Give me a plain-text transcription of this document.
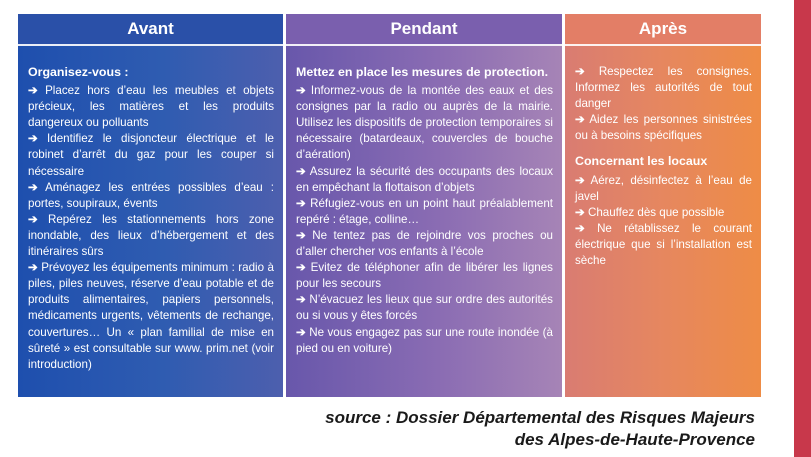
Avant
Organisez-vous :

➔ Placez hors d’eau les meubles et objets précieux, les matières et les produits dangereux ou polluants

➔ Identifiez le disjoncteur électrique et le robinet d’arrêt du gaz pour les couper si nécessaire

➔ Aménagez les entrées possibles d’eau : portes, soupiraux, évents

➔ Repérez les stationnements hors zone inondable, des lieux d’hébergement et des itinéraires sûrs

➔ Prévoyez les équipements minimum : radio à piles, piles neuves, réserve d’eau potable et de produits alimentaires, papiers personnels, médicaments urgents, vêtements de rechange, couvertures… Un « plan familial de mise en sûreté » est consultable sur www. prim.net (voir introduction)

Pendant
Mettez en place les mesures de protection.

➔ Informez-vous de la montée des eaux et des consignes par la radio ou auprès de la mairie. Utilisez les dispositifs de protection temporaires si nécessaire (batardeaux, couvercles de bouche d’aération)

➔ Assurez la sécurité des occupants des locaux en empêchant la flottaison d’objets

➔ Réfugiez-vous en un point haut préalablement repéré : étage, colline…

➔ Ne tentez pas de rejoindre vos proches ou d’aller chercher vos enfants à l’école

➔ Evitez de téléphoner afin de libérer les lignes pour les secours

➔ N’évacuez les lieux que sur ordre des autorités ou si vous y êtes forcés

➔ Ne vous engagez pas sur une route inondée (à pied ou en voiture)

Après

➔ Respectez les consignes. Informez les autorités de tout danger

➔ Aidez les personnes sinistrées ou à besoins spécifiques

Concernant les locaux

➔ Aérez, désinfectez à l’eau de javel

➔ Chauffez dès que possible

➔ Ne rétablissez le courant électrique que si l’installation est sèche

source : Dossier Départemental des Risques Majeurs
des Alpes-de-Haute-Provence
